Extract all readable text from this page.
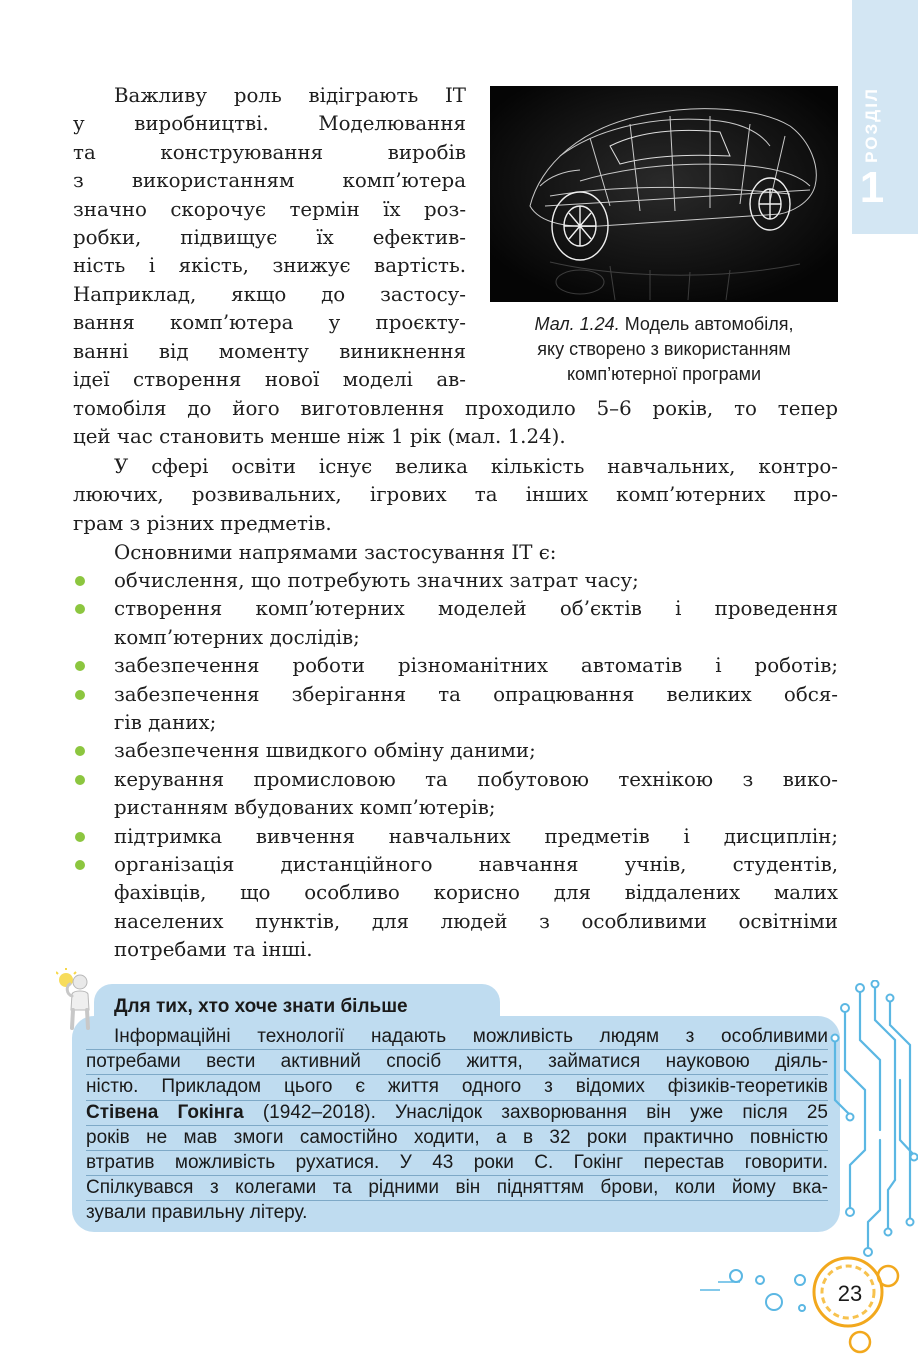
РОЗДІЛ
1
Важливу роль відіграють ІТ
у виробництві. Моделювання
та конструювання виробів
з використанням комп’ютера
значно скорочує термін їх роз-
робки, підвищує їх ефектив-
ність і якість, знижує вартість.
Наприклад, якщо до застосу-
вання комп’ютера у проєкту-
ванні від моменту виникнення
ідеї створення нової моделі ав-
Мал. 1.24. Модель автомобіля,
яку створено з використанням
комп’ютерної програми
томобіля до його виготовлення проходило 5–6 років, то тепер
цей час становить менше ніж 1 рік (мал. 1.24).
У сфері освіти існує велика кількість навчальних, контро-
люючих, розвивальних, ігрових та інших комп’ютерних про-
грам з різних предметів.
Основними напрямами застосування ІТ є:
обчислення, що потребують значних затрат часу;
створення комп’ютерних моделей об’єктів і проведення
комп’ютерних дослідів;
забезпечення роботи різноманітних автоматів і роботів;
забезпечення зберігання та опрацювання великих обся-
гів даних;
забезпечення швидкого обміну даними;
керування промисловою та побутовою технікою з вико-
ристанням вбудованих комп’ютерів;
підтримка вивчення навчальних предметів і дисциплін;
організація дистанційного навчання учнів, студентів,
фахівців, що особливо корисно для віддалених малих
населених пунктів, для людей з особливими освітніми
потребами та інші.
Для тих, хто хоче знати більше
Інформаційні технології надають можливість людям з особливими
потребами вести активний спосіб життя, займатися науковою діяль-
ністю. Прикладом цього є життя одного з відомих фізиків-теоретиків
Стівена Гокінга (1942–2018). Унаслідок захворювання він уже після 25
років не мав змоги самостійно ходити, а в 32 роки практично повністю
втратив можливість рухатися. У 43 роки С. Гокінг перестав говорити.
Спілкувався з колегами та рідними він підняттям брови, коли йому вка-
зували правильну літеру.
23
